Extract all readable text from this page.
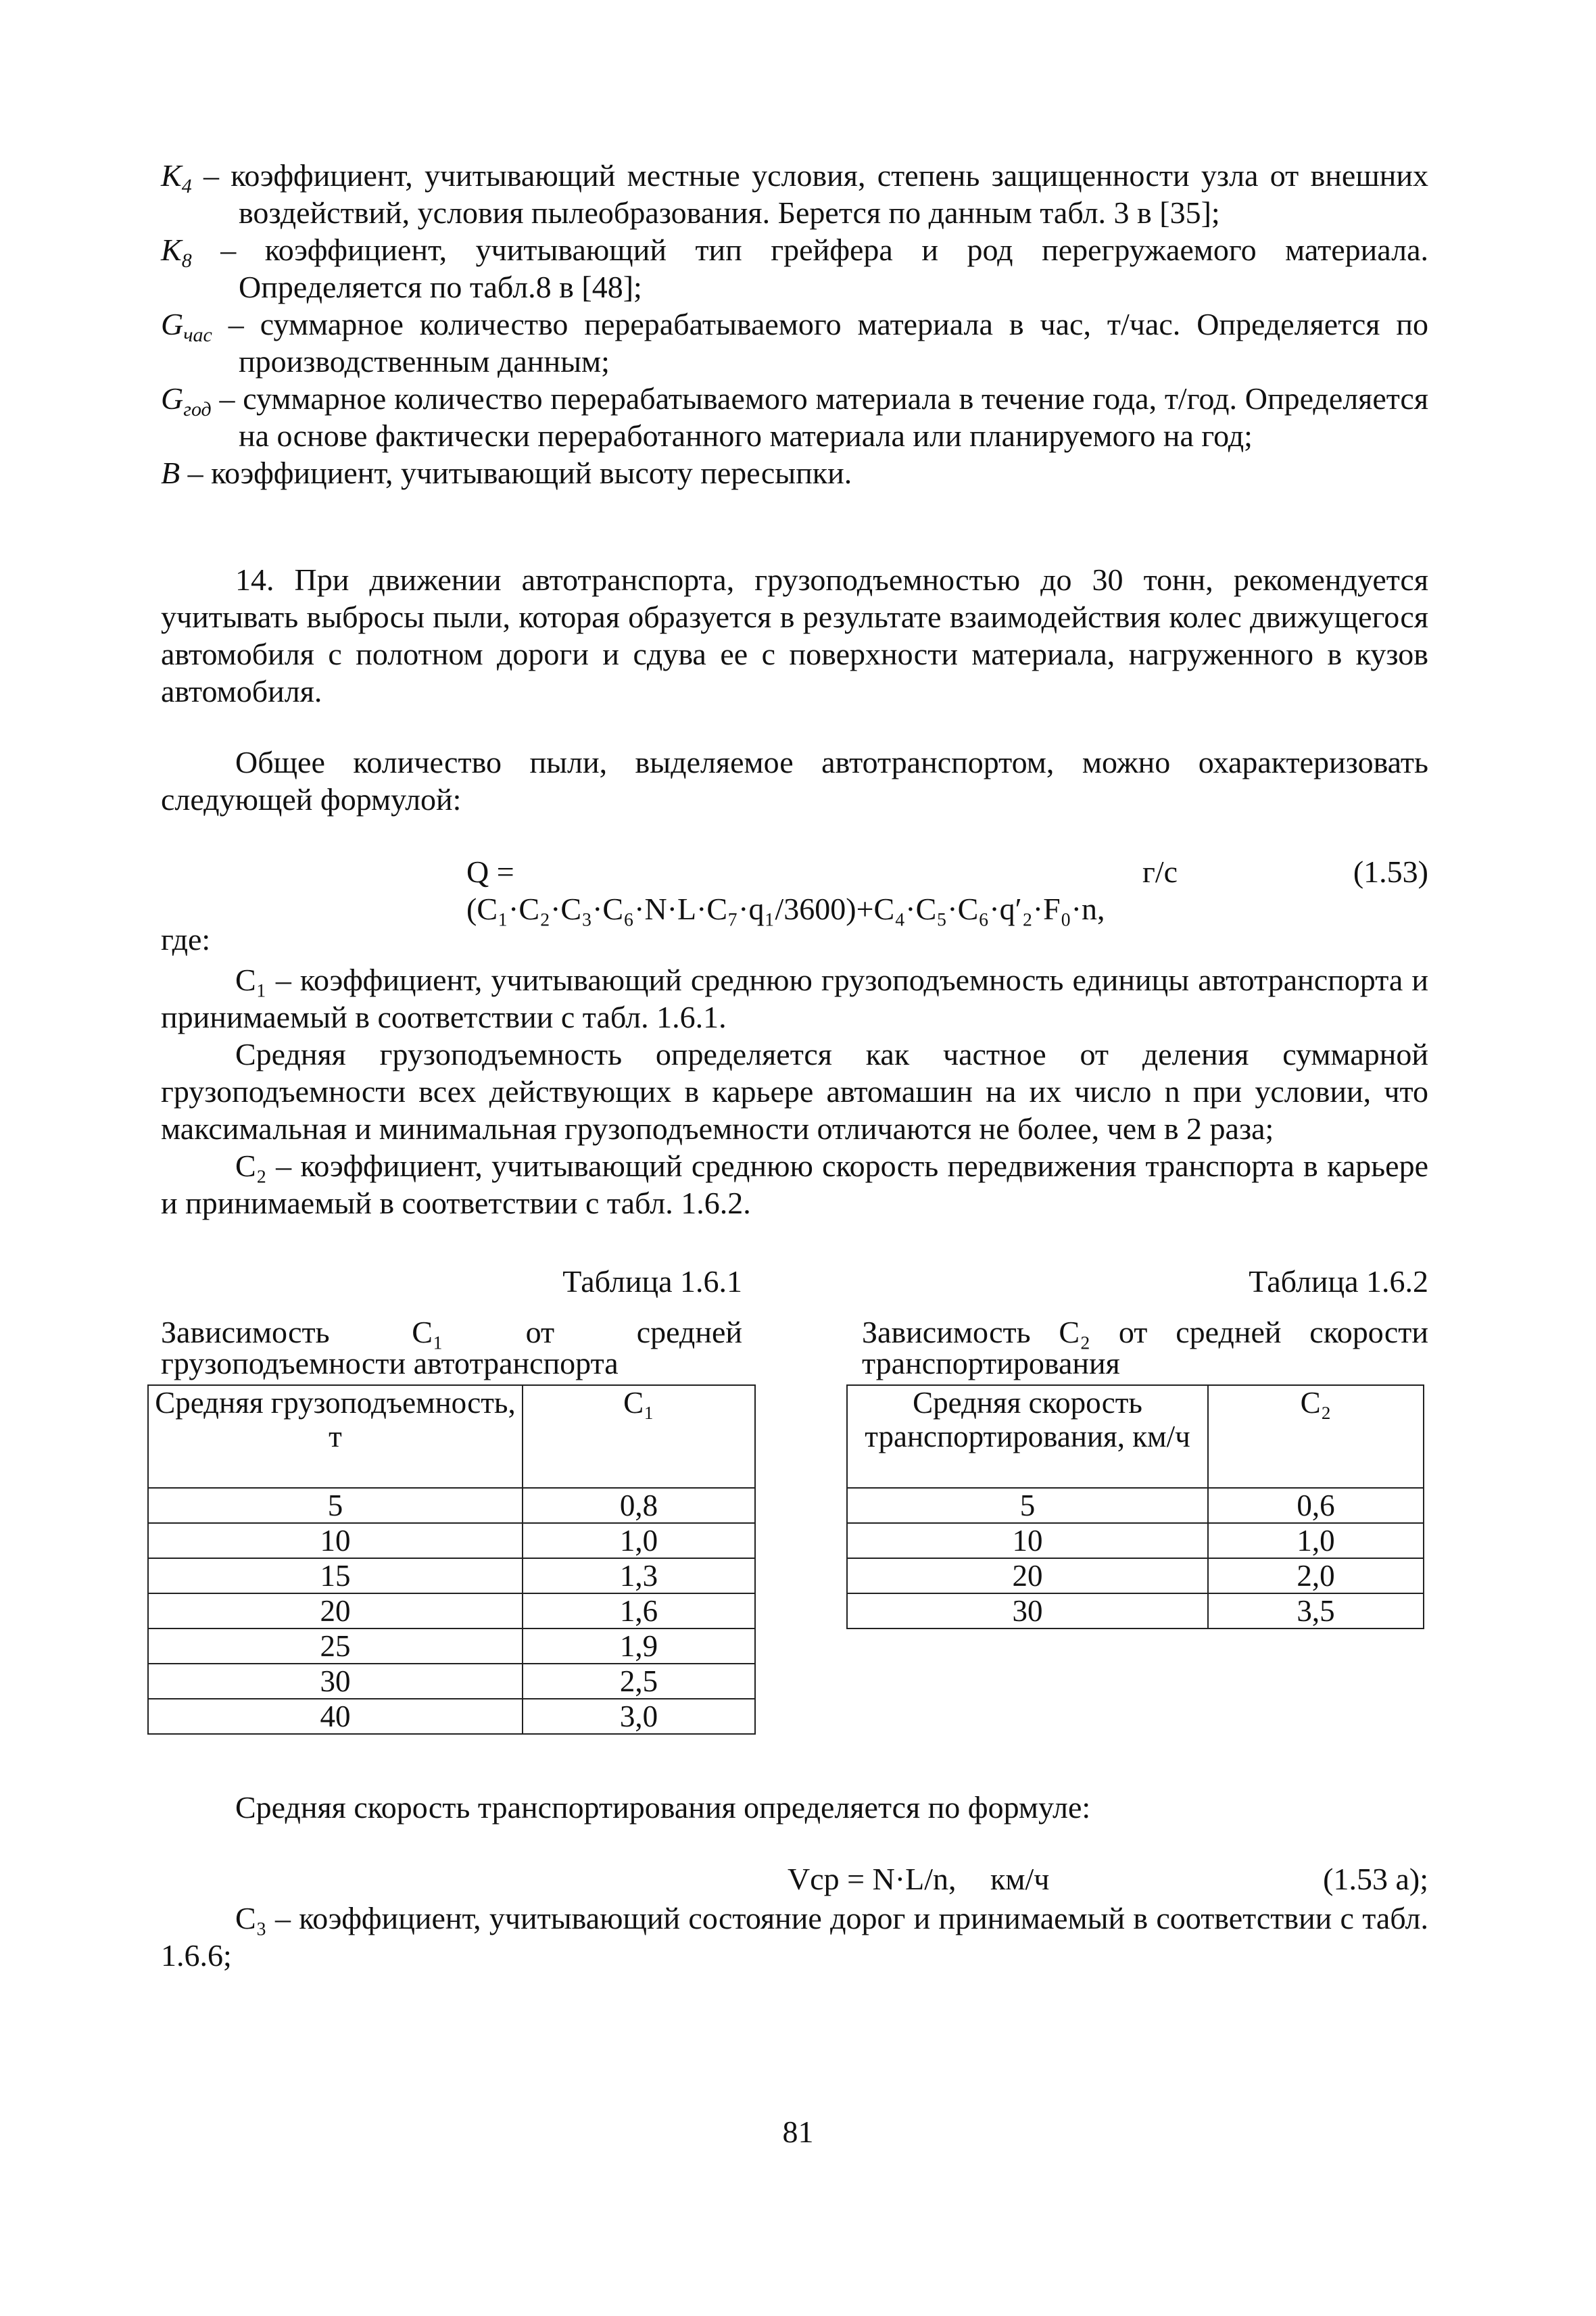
$K_4$ – коэффициент, учитывающий местные условия, степень защищенности узла от внешних воздействий, условия пылеобразования. Берется по данным табл. 3 в [35];

$K_8$ – коэффициент, учитывающий тип грейфера и род перегружаемого материала. Определяется по табл.8 в [48];

$G_{час}$ – суммарное количество перерабатываемого материала в час, т/час. Определяется по производственным данным;

$G_{год}$ – суммарное количество перерабатываемого материала в течение года, т/год. Определяется на основе фактически переработанного материала или планируемого на год;

B – коэффициент, учитывающий высоту пересыпки.

14. При движении автотранспорта, грузоподъемностью до 30 тонн, рекомендуется учитывать выбросы пыли, которая образуется в результате взаимодействия колес движущегося автомобиля с полотном дороги и сдува ее с поверхности материала, нагруженного в кузов автомобиля.

Общее количество пыли, выделяемое автотранспортом, можно охарактеризовать следующей формулой:

Q = (C₁·C₂·C₃·C₆·N·L·C₇·q₁/3600)+C₄·C₅·C₆·q′₂·F₀·n,
г/с	(1.53)

где:

C₁ – коэффициент, учитывающий среднюю грузоподъемность единицы автотранспорта и принимаемый в соответствии с табл. 1.6.1.

Средняя грузоподъемность определяется как частное от деления суммарной грузоподъемности всех действующих в карьере автомашин на их число n при условии, что максимальная и минимальная грузоподъемности отличаются не более, чем в 2 раза;

C₂ – коэффициент, учитывающий среднюю скорость передвижения транспорта в карьере и принимаемый в соответствии с табл. 1.6.2.

Таблица 1.6.1
Зависимость C₁ от средней грузоподъемности автотранспорта
Средняя грузоподъемность, т	C₁
5	0,8
10	1,0
15	1,3
20	1,6
25	1,9
30	2,5
40	3,0
Таблица 1.6.2
Зависимость C₂ от средней скорости транспортирования
Средняя скорость транспортирования, км/ч	C₂
5	0,6
10	1,0
20	2,0
30	3,5

Средняя скорость транспортирования определяется по формуле:

Vср = N·L/n,	км/ч	(1.53 а);

C₃ – коэффициент, учитывающий состояние дорог и принимаемый в соответствии с табл. 1.6.6;

81
